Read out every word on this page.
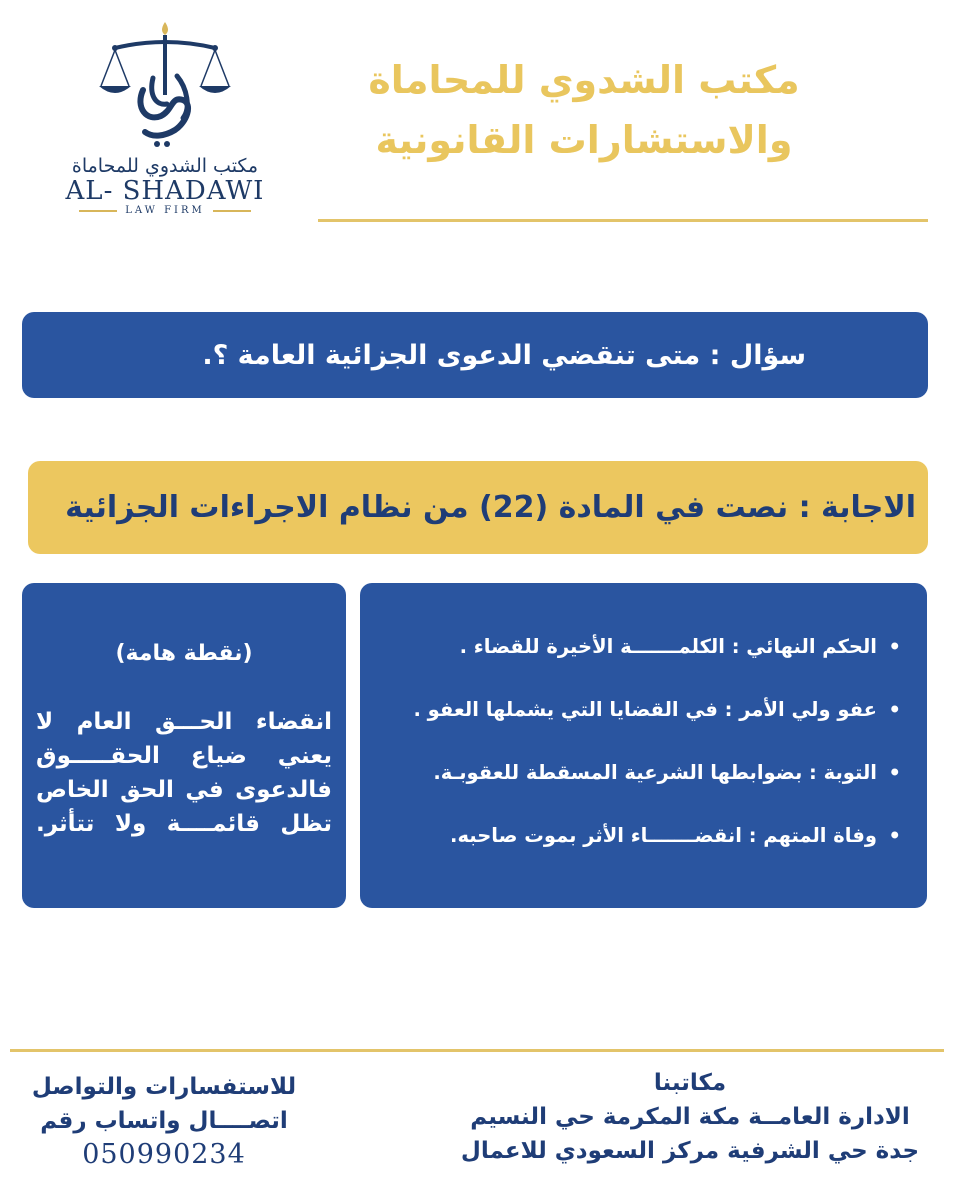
مكتب الشدوي للمحاماة
AL- SHADAWI
LAW FIRM
مكتب الشدوي للمحاماة
والاستشارات القانونية
سؤال : متى تنقضي الدعوى الجزائية العامة ؟.
الاجابة : نصت في المادة (22) من نظام الاجراءات الجزائية
(نقطة هامة)
انقضاء الحـــق العام لا يعني ضياع الحقـــــوق فالدعوى في الحق الخاص تظل قائمــــة ولا تتأثر.
•
الحكم النهائي : الكلمـــــــة الأخيرة للقضاء .
•
عفو ولي الأمر : في القضايا التي يشملها العفو .
•
التوبة : بضوابطها الشرعية المسقطة للعقوبـة.
•
وفاة المتهم : انقضـــــــاء الأثر بموت صاحبه.
مكاتبنا
الادارة العامــة مكة المكرمة حي النسيم
جدة حي الشرفية مركز السعودي للاعمال
للاستفسارات والتواصل
اتصــــال واتساب رقم
050990234
